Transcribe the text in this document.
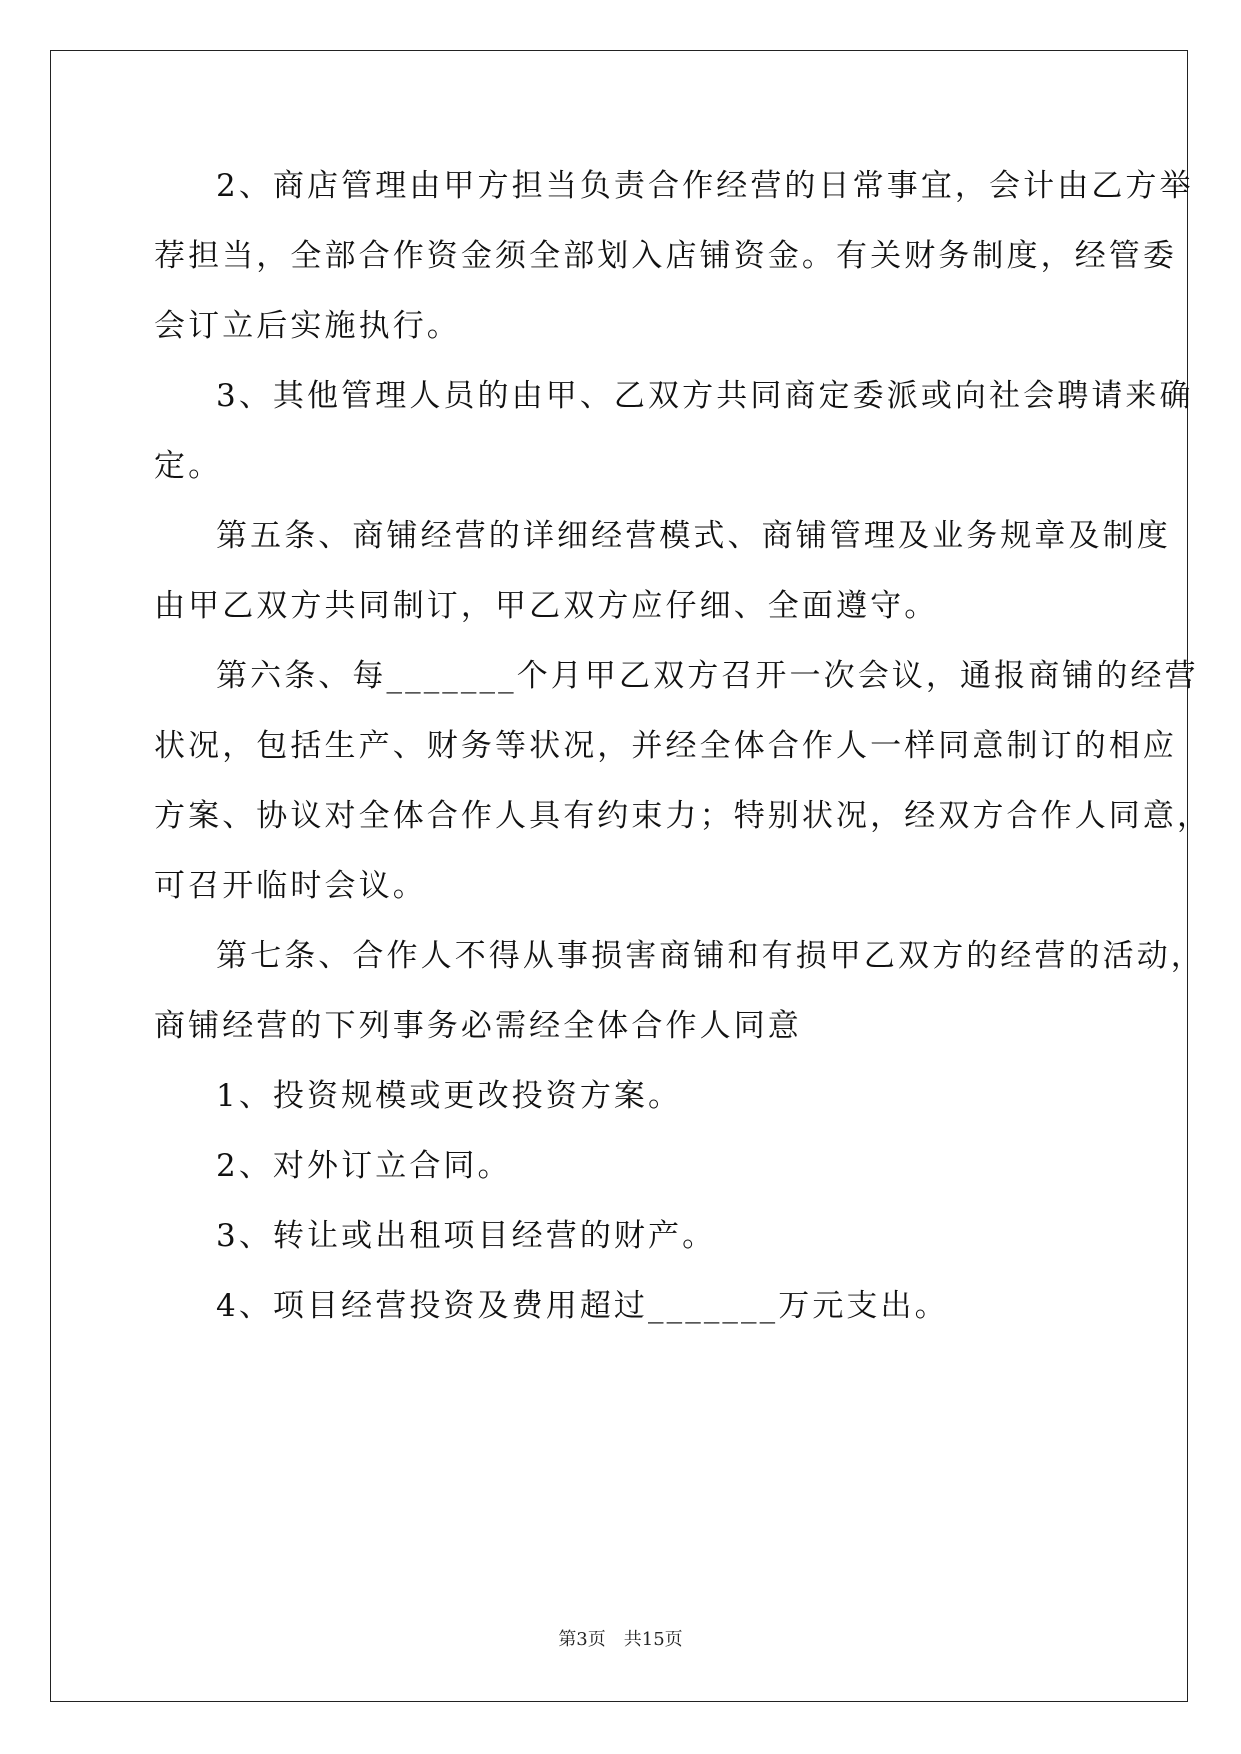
2、商店管理由甲方担当负责合作经营的日常事宜，会计由乙方举
荐担当，全部合作资金须全部划入店铺资金。有关财务制度，经管委
会订立后实施执行。
3、其他管理人员的由甲、乙双方共同商定委派或向社会聘请来确
定。
第五条、商铺经营的详细经营模式、商铺管理及业务规章及制度
由甲乙双方共同制订，甲乙双方应仔细、全面遵守。
第六条、每_______个月甲乙双方召开一次会议，通报商铺的经营
状况，包括生产、财务等状况，并经全体合作人一样同意制订的相应
方案、协议对全体合作人具有约束力；特别状况，经双方合作人同意，
可召开临时会议。
第七条、合作人不得从事损害商铺和有损甲乙双方的经营的活动，
商铺经营的下列事务必需经全体合作人同意
1、投资规模或更改投资方案。
2、对外订立合同。
3、转让或出租项目经营的财产。
4、项目经营投资及费用超过_______万元支出。
第3页 共15页
